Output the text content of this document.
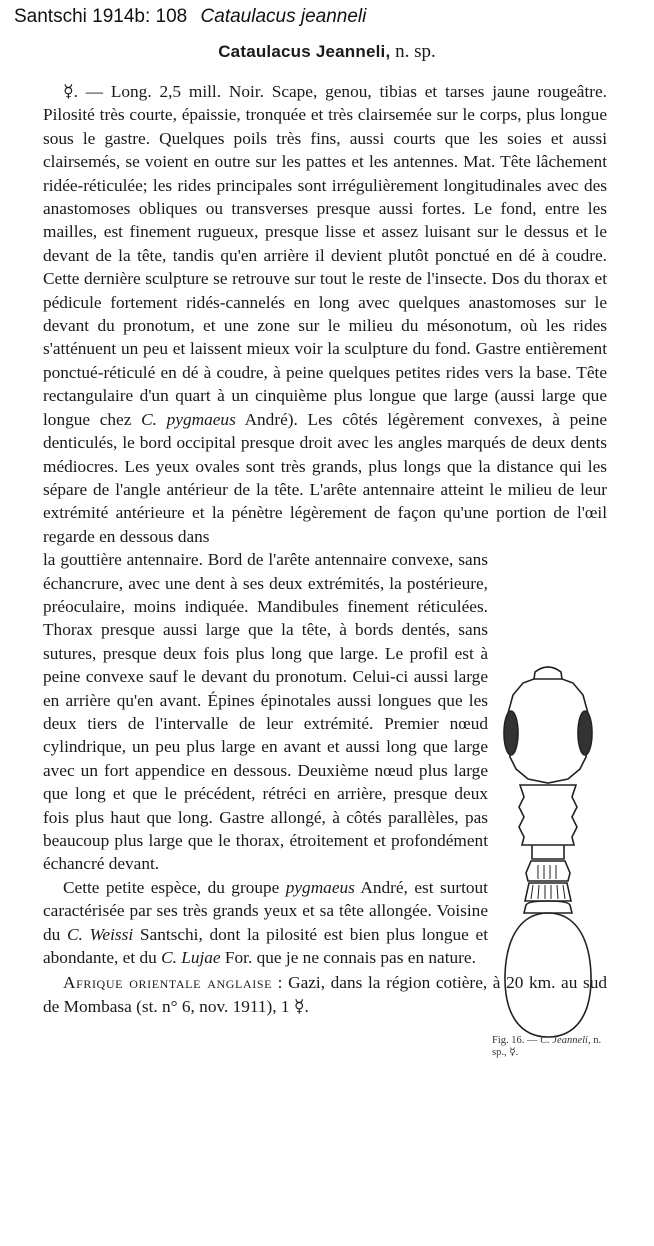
Santschi 1914b: 108 Cataulacus jeanneli
Cataulacus Jeanneli, n. sp.

☿. — Long. 2,5 mill. Noir. Scape, genou, tibias et tarses jaune rougeâtre. Pilosité très courte, épaissie, tronquée et très clairsemée sur le corps, plus longue sous le gastre. Quelques poils très fins, aussi courts que les soies et aussi clairsemés, se voient en outre sur les pattes et les antennes. Mat. Tête lâchement ridée-réticulée; les rides principales sont irrégulièrement longitudinales avec des anastomoses obliques ou transverses presque aussi fortes. Le fond, entre les mailles, est finement rugueux, presque lisse et assez luisant sur le dessus et le devant de la tête, tandis qu'en arrière il devient plutôt ponctué en dé à coudre. Cette dernière sculpture se retrouve sur tout le reste de l'insecte. Dos du thorax et pédicule fortement ridés-cannelés en long avec quelques anastomoses sur le devant du pronotum, et une zone sur le milieu du mésonotum, où les rides s'atténuent un peu et laissent mieux voir la sculpture du fond. Gastre entièrement ponctué-réticulé en dé à coudre, à peine quelques petites rides vers la base. Tête rectangulaire d'un quart à un cinquième plus longue que large (aussi large que longue chez C. pygmaeus André). Les côtés légèrement convexes, à peine denticulés, le bord occipital presque droit avec les angles marqués de deux dents médiocres. Les yeux ovales sont très grands, plus longs que la distance qui les sépare de l'angle antérieur de la tête. L'arête antennaire atteint le milieu de leur extrémité antérieure et la pénètre légèrement de façon qu'une portion de l'œil regarde en dessous dans

la gouttière antennaire. Bord de l'arête antennaire convexe, sans échancrure, avec une dent à ses deux extrémités, la postérieure, préoculaire, moins indiquée. Mandibules finement réticulées. Thorax presque aussi large que la tête, à bords dentés, sans sutures, presque deux fois plus long que large. Le profil est à peine convexe sauf le devant du pronotum. Celui-ci aussi large en arrière qu'en avant. Épines épinotales aussi longues que les deux tiers de l'intervalle de leur extrémité. Premier nœud cylindrique, un peu plus large en avant et aussi long que large avec un fort appendice en dessous. Deuxième nœud plus large que long et que le précédent, rétréci en arrière, presque deux fois plus haut que long. Gastre allongé, à côtés parallèles, pas beaucoup plus large que le thorax, étroitement et profondément échancré devant.

Cette petite espèce, du groupe pygmaeus André, est surtout caractérisée par ses très grands yeux et sa tête allongée. Voisine du C. Weissi Santschi, dont la pilosité est bien plus longue et abondante, et du C. Lujae For. que je ne connais pas en nature.

Afrique orientale anglaise : Gazi, dans la région cotière, à 20 km. au sud de Mombasa (st. n° 6, nov. 1911), 1 ☿.

Fig. 16. — C. Jeanneli, n. sp., ☿.
